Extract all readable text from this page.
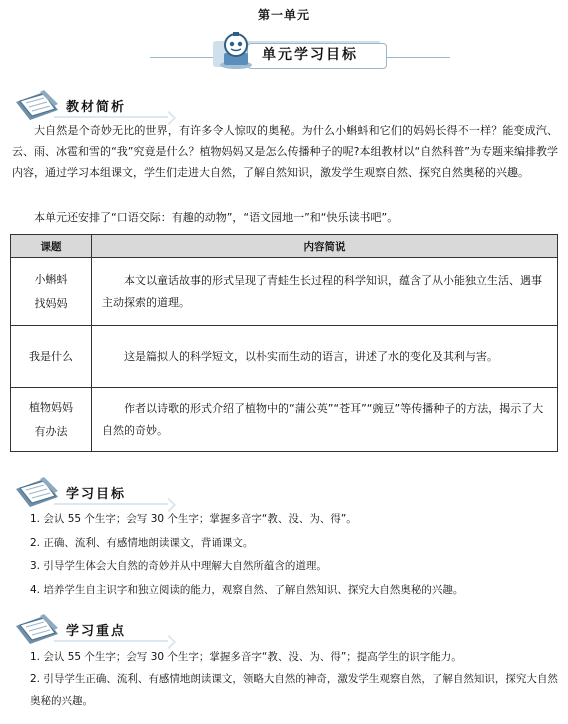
第一单元
单元学习目标
教材简析
大自然是个奇妙无比的世界，有许多令人惊叹的奥秘。为什么小蝌蚪和它们的妈妈长得不一样？能变成汽、云、雨、冰雹和雪的“我”究竟是什么？植物妈妈又是怎么传播种子的呢?本组教材以“自然科普”为专题来编排教学内容，通过学习本组课文，学生们走进大自然，了解自然知识，激发学生观察自然、探究自然奥秘的兴趣。
本单元还安排了“口语交际：有趣的动物”，“语文园地一”和“快乐读书吧”。
课题	内容简说

小蝌蚪
找妈妈	本文以童话故事的形式呈现了青蛙生长过程的科学知识，蕴含了从小能独立生活、遇事主动探索的道理。

我是什么	这是篇拟人的科学短文，以朴实而生动的语言，讲述了水的变化及其利与害。

植物妈妈
有办法	作者以诗歌的形式介绍了植物中的“蒲公英”“苍耳”“豌豆”等传播种子的方法，揭示了大自然的奇妙。
学习目标
1. 会认 55 个生字；会写 30 个生字；掌握多音字“教、没、为、得”。
2. 正确、流利、有感情地朗读课文，背诵课文。
3. 引导学生体会大自然的奇妙并从中理解大自然所蕴含的道理。
4. 培养学生自主识字和独立阅读的能力，观察自然、了解自然知识、探究大自然奥秘的兴趣。
学习重点
1. 会认 55 个生字；会写 30 个生字；掌握多音字“教、没、为、得”；提高学生的识字能力。
2. 引导学生正确、流利、有感情地朗读课文，领略大自然的神奇，激发学生观察自然，了解自然知识，探究大自然奥秘的兴趣。
